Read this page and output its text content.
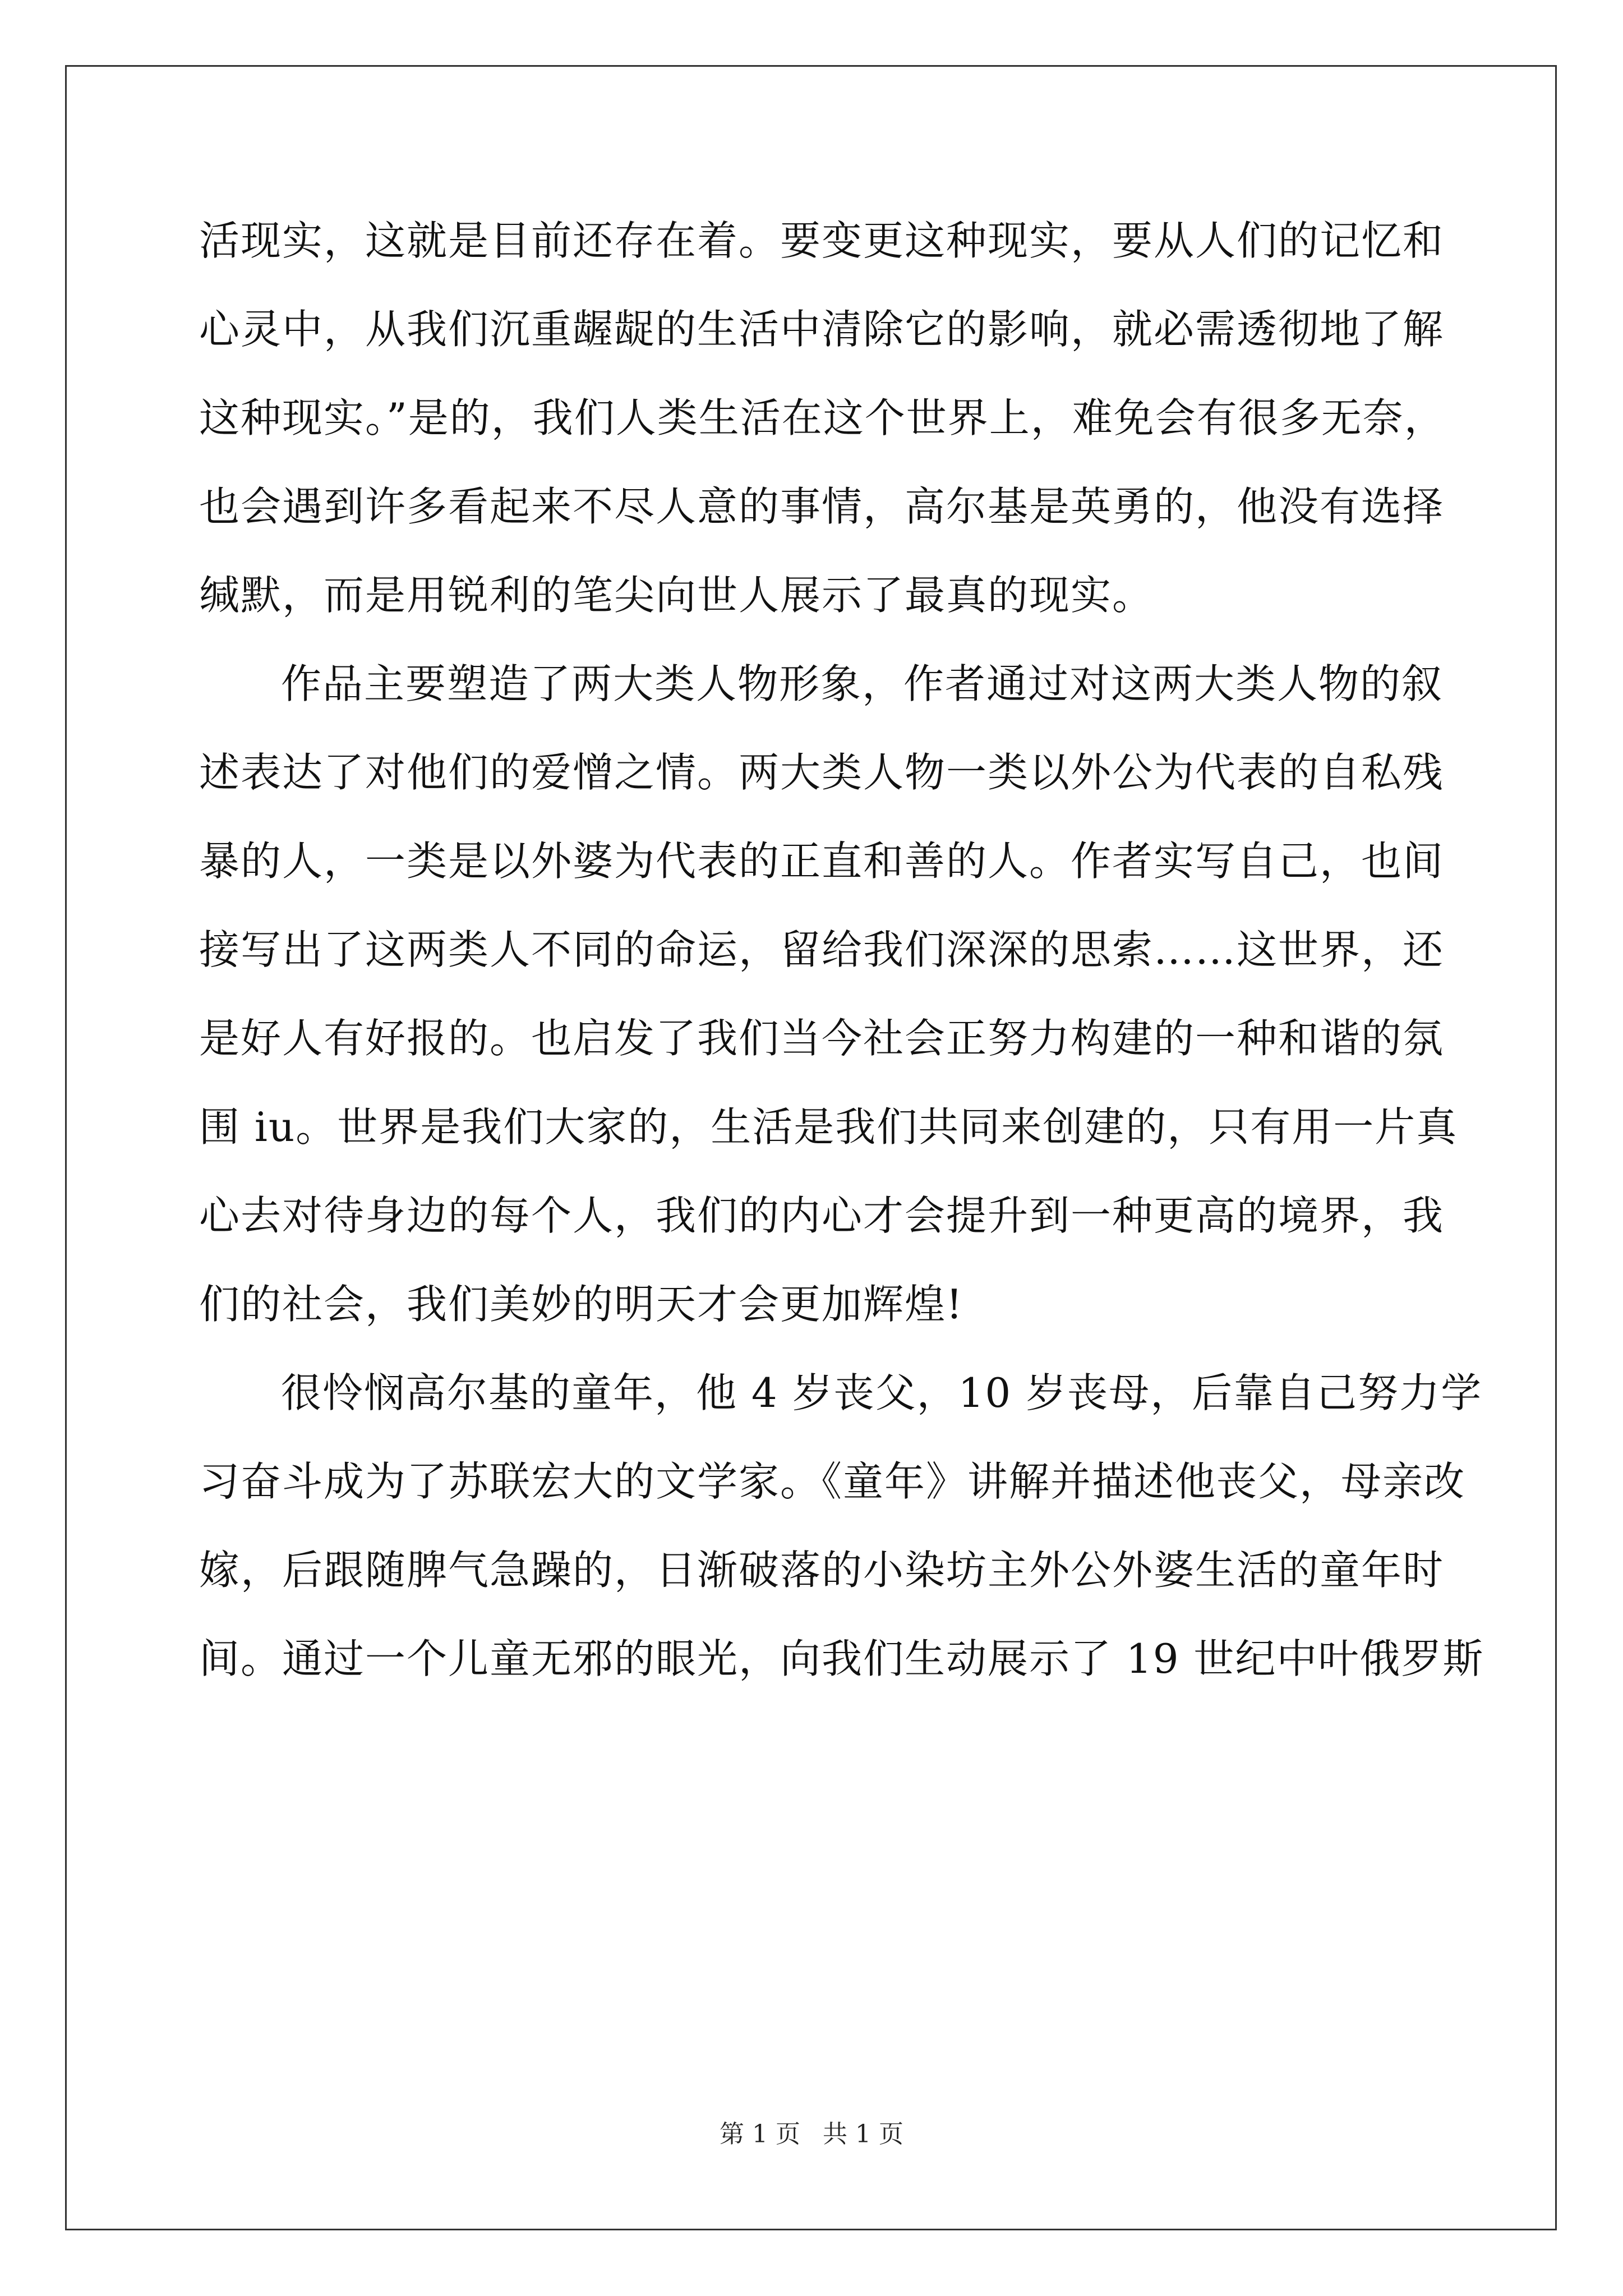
活现实，这就是目前还存在着。要变更这种现实，要从人们的记忆和
心灵中，从我们沉重龌龊的生活中清除它的影响，就必需透彻地了解
这种现实。”是的，我们人类生活在这个世界上，难免会有很多无奈，
也会遇到许多看起来不尽人意的事情，高尔基是英勇的，他没有选择
缄默，而是用锐利的笔尖向世人展示了最真的现实。
作品主要塑造了两大类人物形象，作者通过对这两大类人物的叙
述表达了对他们的爱憎之情。两大类人物一类以外公为代表的自私残
暴的人，一类是以外婆为代表的正直和善的人。作者实写自己，也间
接写出了这两类人不同的命运，留给我们深深的思索……这世界，还
是好人有好报的。也启发了我们当今社会正努力构建的一种和谐的氛
围 iu。世界是我们大家的，生活是我们共同来创建的，只有用一片真
心去对待身边的每个人，我们的内心才会提升到一种更高的境界，我
们的社会，我们美妙的明天才会更加辉煌!
很怜悯高尔基的童年，他 4 岁丧父，10 岁丧母，后靠自己努力学
习奋斗成为了苏联宏大的文学家。《童年》讲解并描述他丧父，母亲改
嫁，后跟随脾气急躁的，日渐破落的小染坊主外公外婆生活的童年时
间。通过一个儿童无邪的眼光，向我们生动展示了 19 世纪中叶俄罗斯
第 1 页 共 1 页
